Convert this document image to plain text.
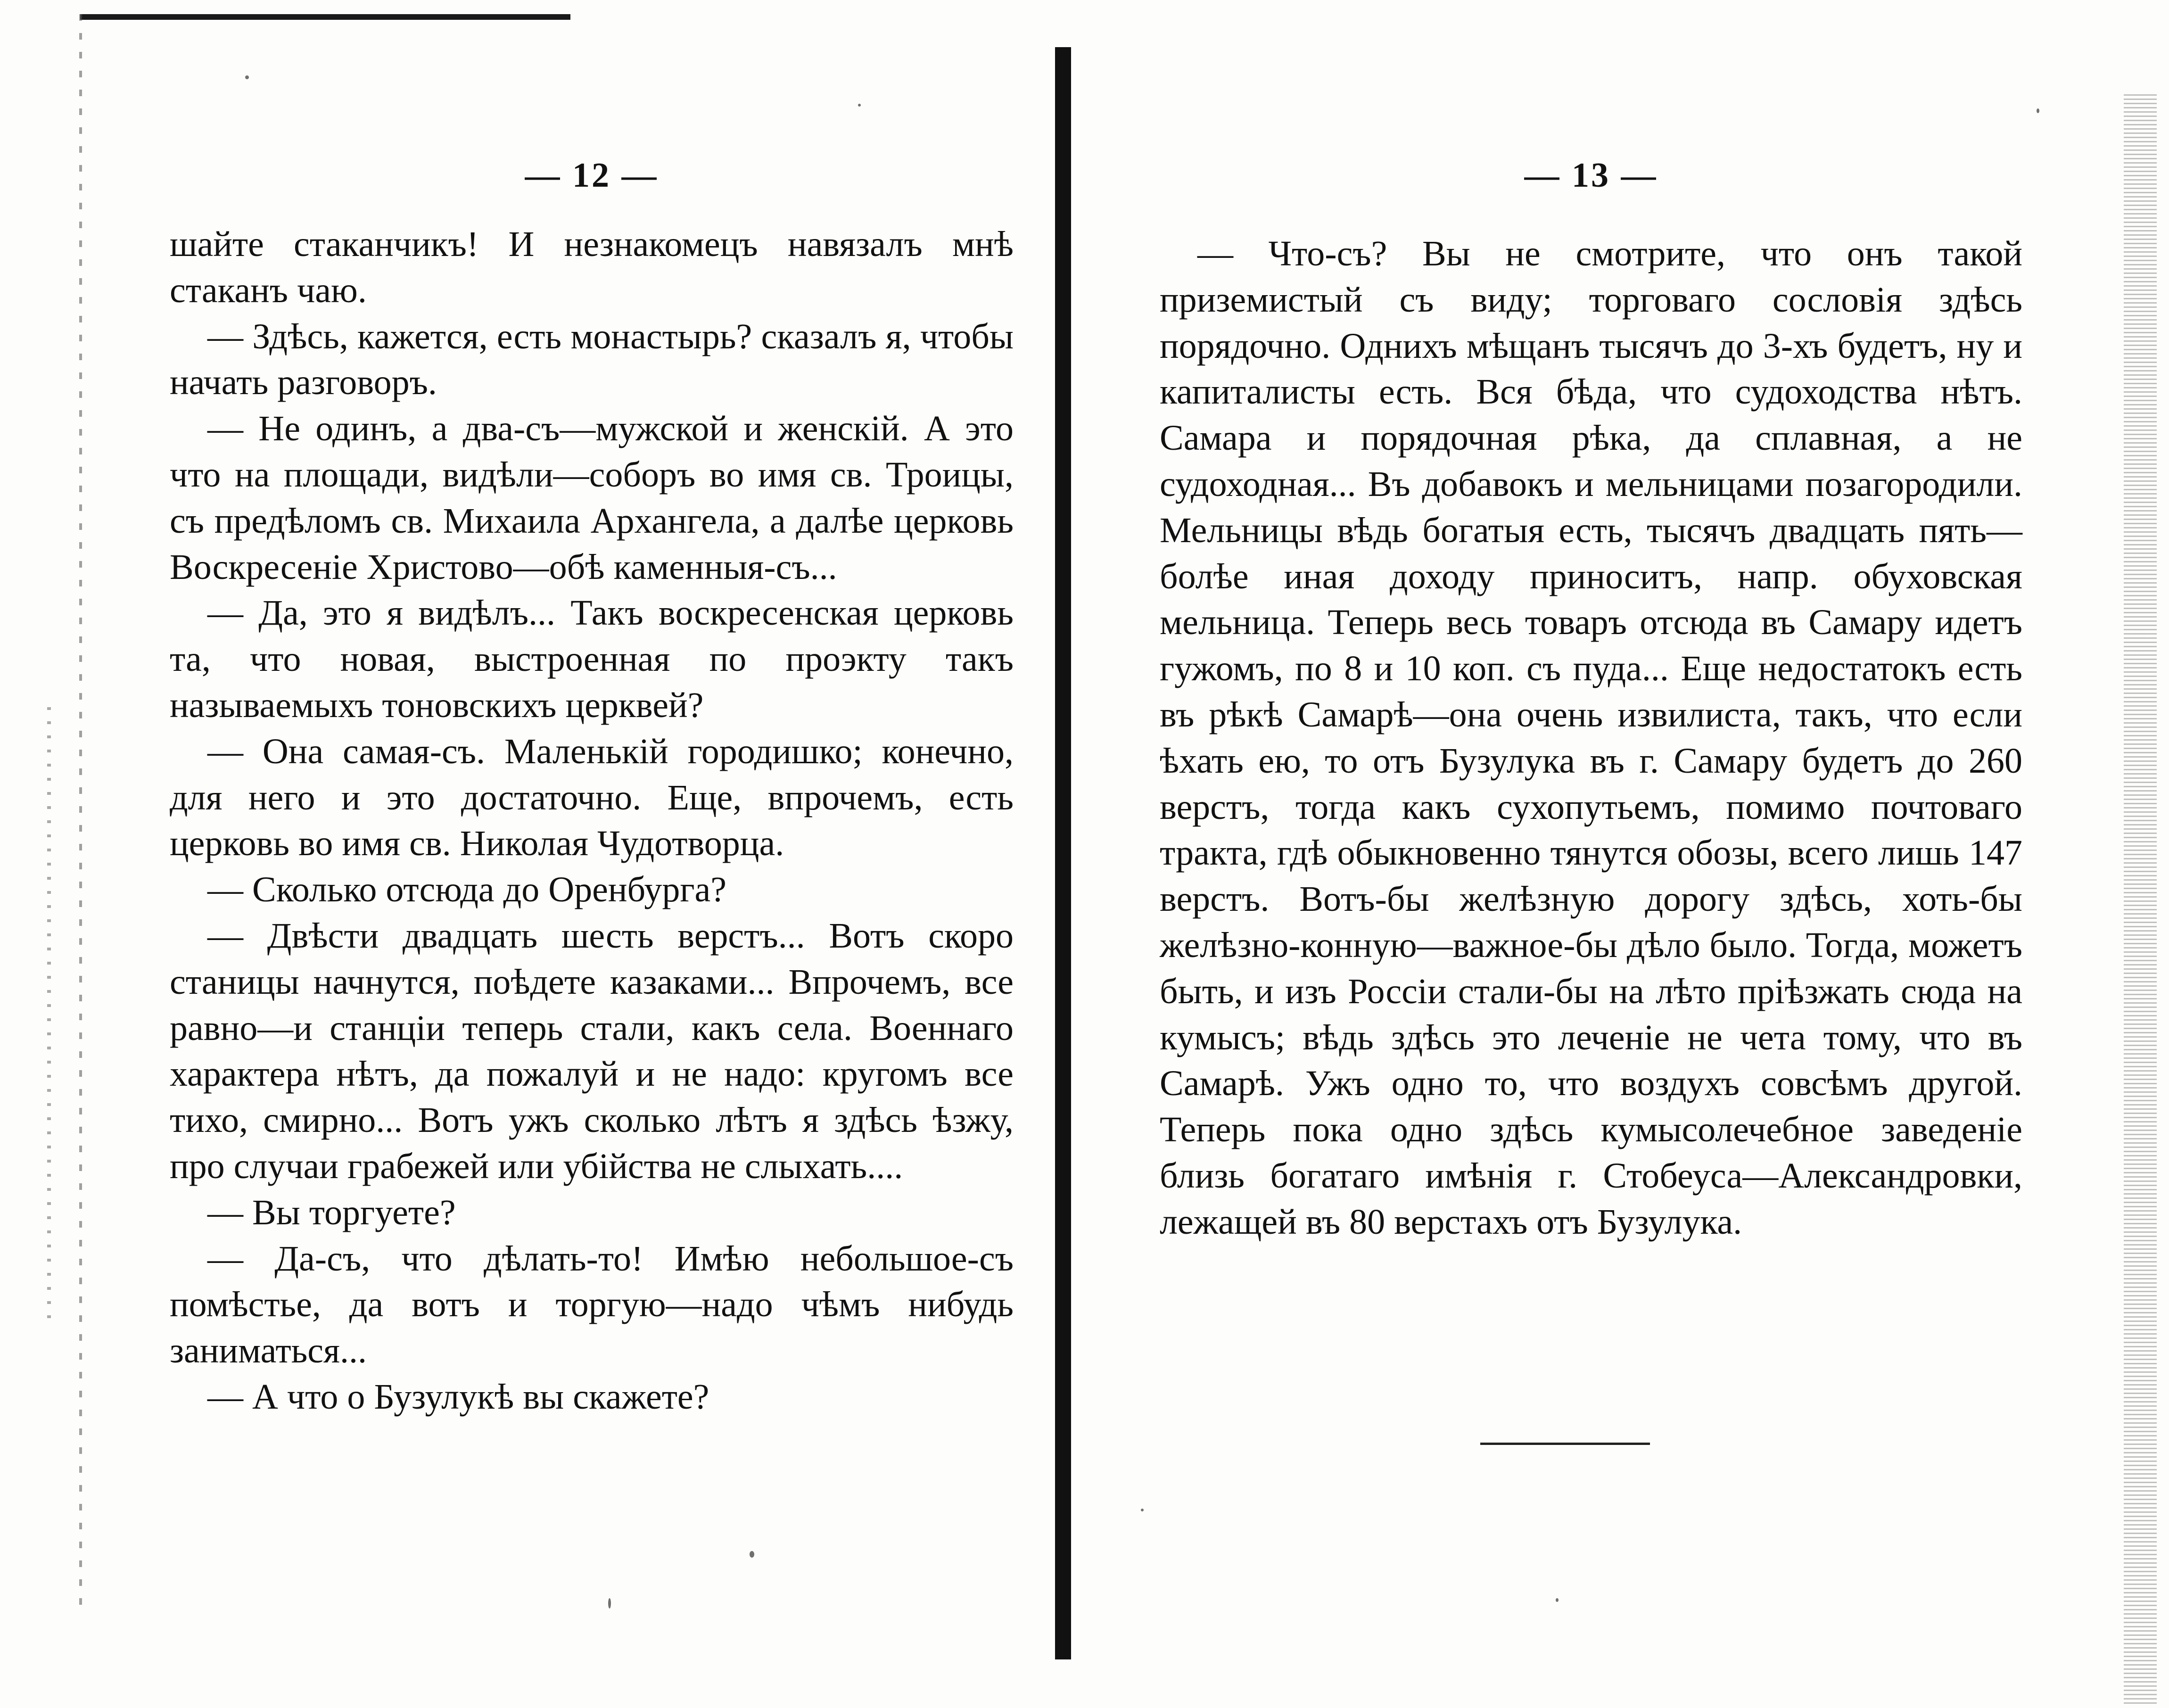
— 12 —

шайте стаканчикъ! И незнакомецъ навязалъ мнѣ стаканъ чаю.

— Здѣсь, кажется, есть монастырь? сказалъ я, чтобы начать разговоръ.

— Не одинъ, а два-съ—мужской и женскій. А это что на площади, видѣли—соборъ во имя св. Троицы, съ предѣломъ св. Михаила Архангела, а далѣе церковь Воскресеніе Христово—обѣ каменныя-съ...

— Да, это я видѣлъ... Такъ воскресенская церковь та, что новая, выстроенная по проэкту такъ называемыхъ тоновскихъ церквей?

— Она самая-съ. Маленькій городишко; конечно, для него и это достаточно. Еще, впрочемъ, есть церковь во имя св. Николая Чудотворца.

— Сколько отсюда до Оренбурга?

— Двѣсти двадцать шесть верстъ... Вотъ скоро станицы начнутся, поѣдете казаками... Впрочемъ, все равно—и станціи теперь стали, какъ села. Военнаго характера нѣтъ, да пожалуй и не надо: кругомъ все тихо, смирно... Вотъ ужъ сколько лѣтъ я здѣсь ѣзжу, про случаи грабежей или убійства не слыхать....

— Вы торгуете?

— Да-съ, что дѣлать-то! Имѣю небольшое-съ помѣстье, да вотъ и торгую—надо чѣмъ нибудь заниматься...

— А что о Бузулукѣ вы скажете?

— 13 —

— Что-съ? Вы не смотрите, что онъ такой приземистый съ виду; торговаго сословія здѣсь порядочно. Однихъ мѣщанъ тысячъ до 3-хъ будетъ, ну и капиталисты есть. Вся бѣда, что судоходства нѣтъ. Самара и порядочная рѣка, да сплавная, а не судоходная... Въ добавокъ и мельницами позагородили. Мельницы вѣдь богатыя есть, тысячъ двадцать пять—болѣе иная доходу приноситъ, напр. обуховская мельница. Теперь весь товаръ отсюда въ Самару идетъ гужомъ, по 8 и 10 коп. съ пуда... Еще недостатокъ есть въ рѣкѣ Самарѣ—она очень извилиста, такъ, что если ѣхать ею, то отъ Бузулука въ г. Самару будетъ до 260 верстъ, тогда какъ сухопутьемъ, помимо почтоваго тракта, гдѣ обыкновенно тянутся обозы, всего лишь 147 верстъ. Вотъ-бы желѣзную дорогу здѣсь, хоть-бы желѣзно-конную—важное-бы дѣло было. Тогда, можетъ быть, и изъ Россіи стали-бы на лѣто пріѣзжать сюда на кумысъ; вѣдь здѣсь это леченіе не чета тому, что въ Самарѣ. Ужъ одно то, что воздухъ совсѣмъ другой. Теперь пока одно здѣсь кумысолечебное заведеніе близь богатаго имѣнія г. Стобеуса—Александровки, лежащей въ 80 верстахъ отъ Бузулука.
